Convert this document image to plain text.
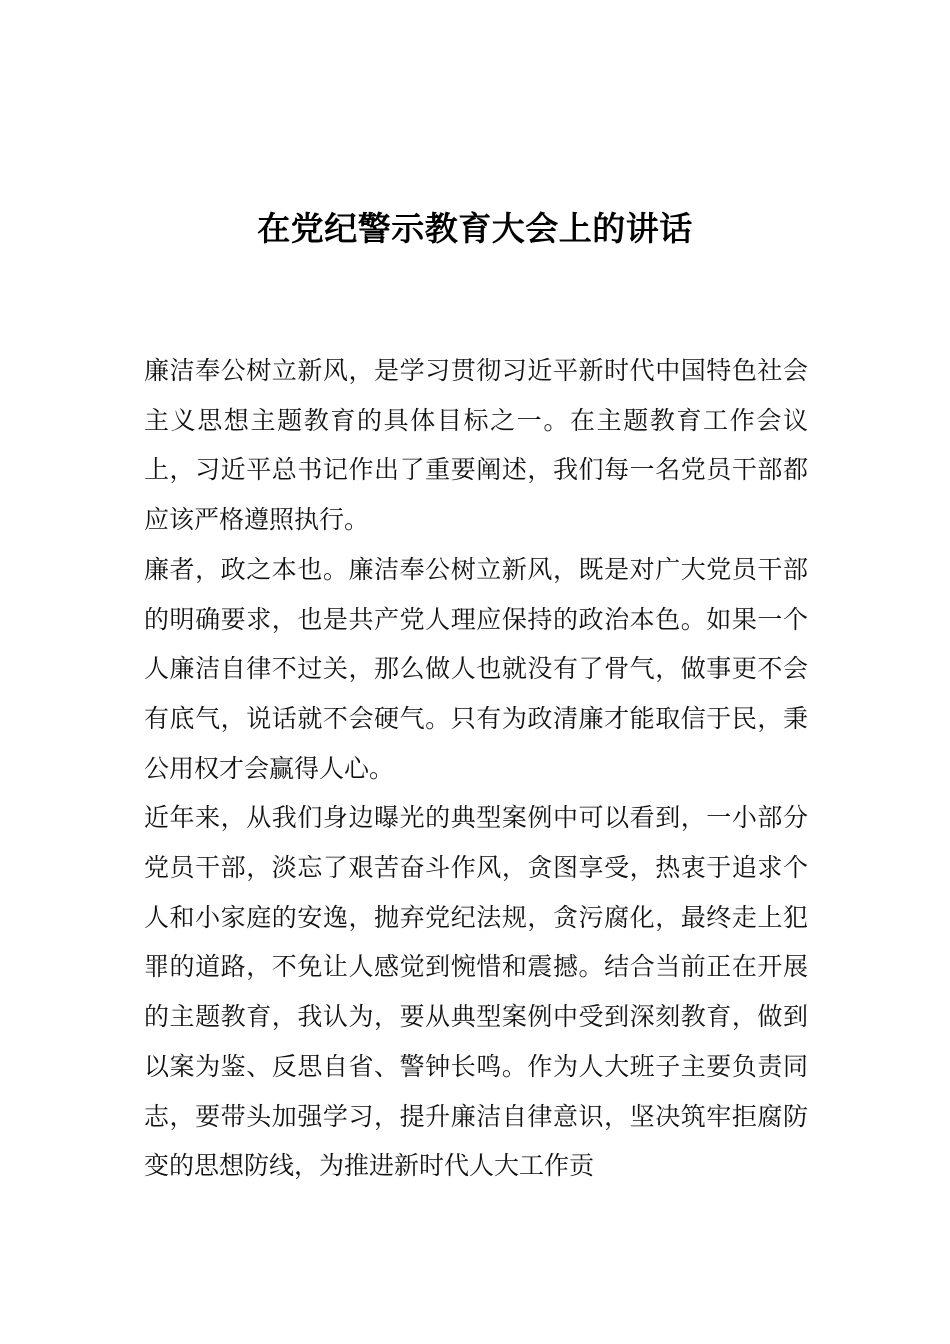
在党纪警示教育大会上的讲话

廉洁奉公树立新风，是学习贯彻习近平新时代中国特色社会主义思想主题教育的具体目标之一。在主题教育工作会议上，习近平总书记作出了重要阐述，我们每一名党员干部都应该严格遵照执行。

廉者，政之本也。廉洁奉公树立新风，既是对广大党员干部的明确要求，也是共产党人理应保持的政治本色。如果一个人廉洁自律不过关，那么做人也就没有了骨气，做事更不会有底气，说话就不会硬气。只有为政清廉才能取信于民，秉公用权才会赢得人心。

近年来，从我们身边曝光的典型案例中可以看到，一小部分党员干部，淡忘了艰苦奋斗作风，贪图享受，热衷于追求个人和小家庭的安逸，抛弃党纪法规，贪污腐化，最终走上犯罪的道路，不免让人感觉到惋惜和震撼。结合当前正在开展的主题教育，我认为，要从典型案例中受到深刻教育，做到以案为鉴、反思自省、警钟长鸣。作为人大班子主要负责同志，要带头加强学习，提升廉洁自律意识，坚决筑牢拒腐防变的思想防线，为推进新时代人大工作贡
